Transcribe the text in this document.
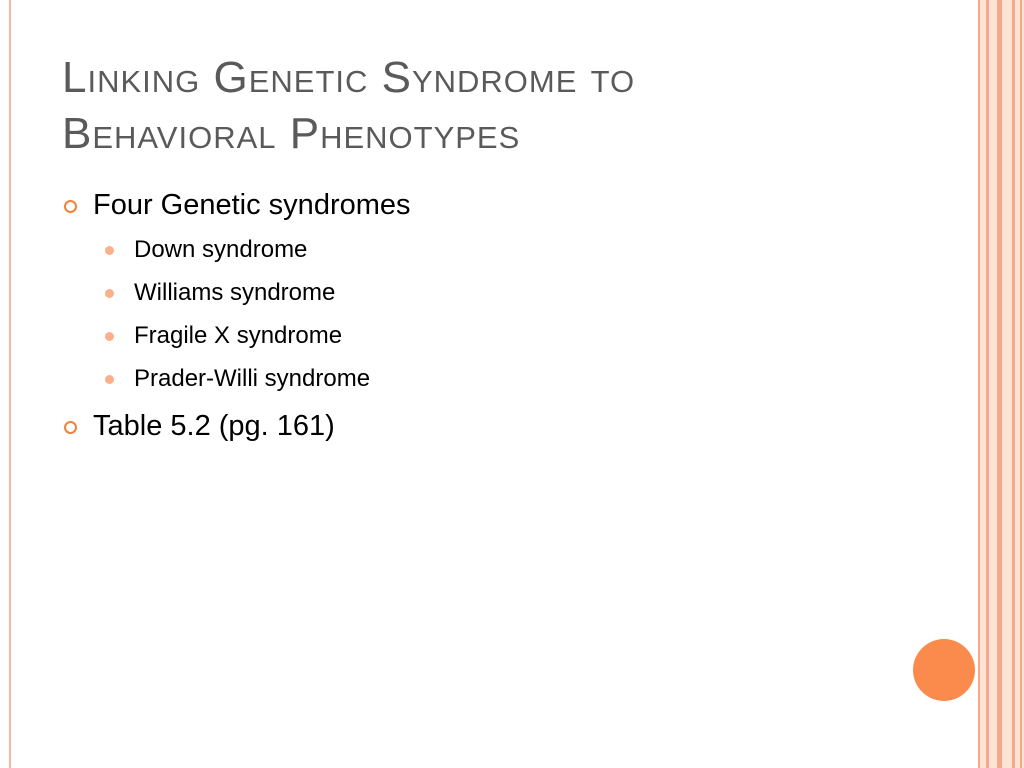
Linking Genetic Syndrome to
Behavioral Phenotypes
Four Genetic syndromes
Down syndrome
Williams syndrome
Fragile X syndrome
Prader-Willi syndrome
Table 5.2 (pg. 161)
